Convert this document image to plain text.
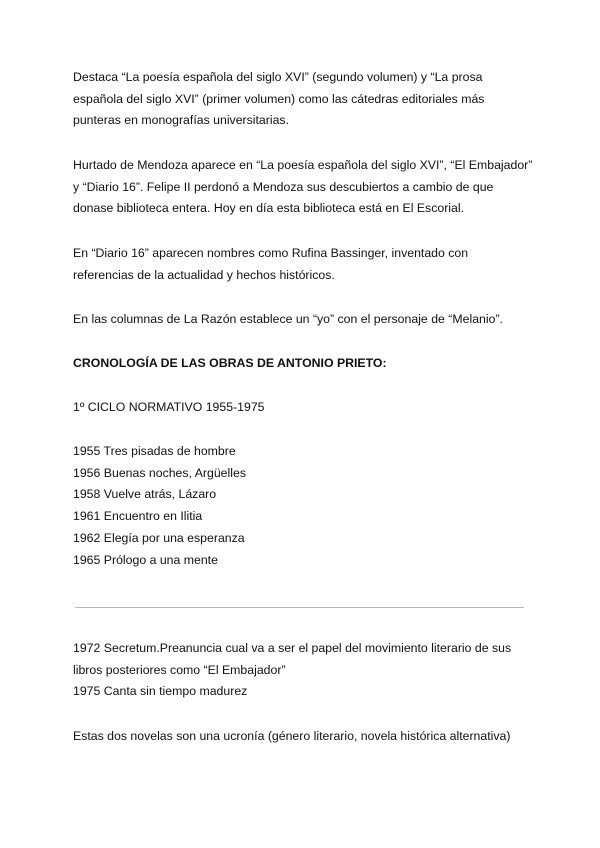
Destaca “La poesía española del siglo XVI” (segundo volumen) y “La prosa
española del siglo XVI” (primer volumen) como las cátedras editoriales más
punteras en monografías universitarias.

Hurtado de Mendoza aparece en “La poesía española del siglo XVI”, “El Embajador”
y “Diario 16”. Felipe II perdonó a Mendoza sus descubiertos a cambio de que
donase biblioteca entera. Hoy en día esta biblioteca está en El Escorial.

En “Diario 16” aparecen nombres como Rufina Bassinger, inventado con
referencias de la actualidad y hechos históricos.

En las columnas de La Razón establece un “yo” con el personaje de “Melanio”.

CRONOLOGÍA DE LAS OBRAS DE ANTONIO PRIETO:

1º CICLO NORMATIVO 1955-1975

1955 Tres pisadas de hombre
1956 Buenas noches, Argüelles
1958 Vuelve atrás, Lázaro
1961 Encuentro en Ilitia
1962 Elegía por una esperanza
1965 Prólogo a una mente

1972 Secretum.Preanuncia cual va a ser el papel del movimiento literario de sus
libros posteriores como “El Embajador”
1975 Canta sin tiempo madurez

Estas dos novelas son una ucronía (género literario, novela histórica alternativa)
